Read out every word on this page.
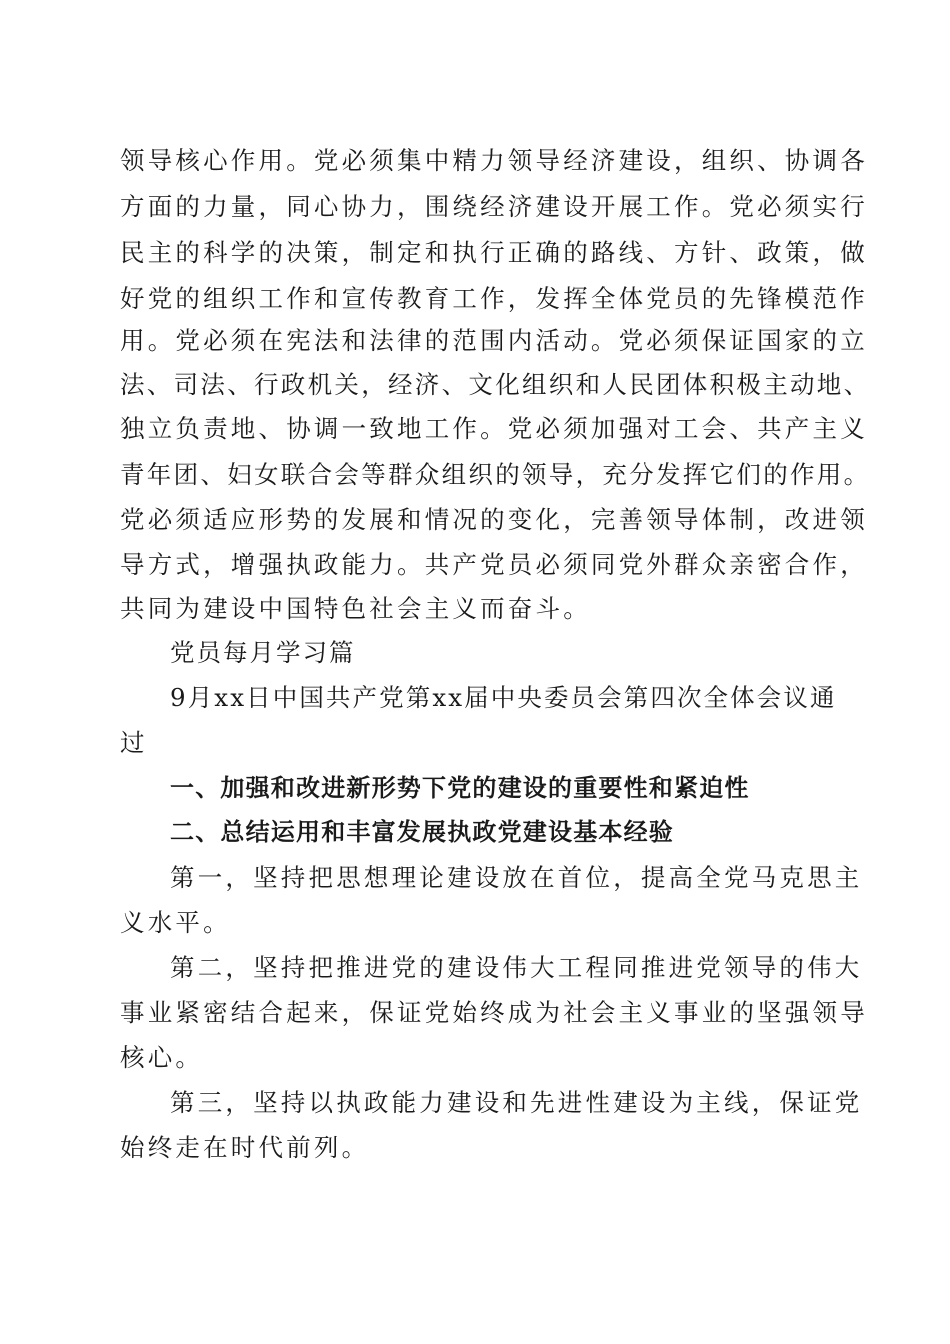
领导核心作用。党必须集中精力领导经济建设，组织、协调各
方面的力量，同心协力，围绕经济建设开展工作。党必须实行
民主的科学的决策，制定和执行正确的路线、方针、政策，做
好党的组织工作和宣传教育工作，发挥全体党员的先锋模范作
用。党必须在宪法和法律的范围内活动。党必须保证国家的立
法、司法、行政机关，经济、文化组织和人民团体积极主动地、
独立负责地、协调一致地工作。党必须加强对工会、共产主义
青年团、妇女联合会等群众组织的领导，充分发挥它们的作用。
党必须适应形势的发展和情况的变化，完善领导体制，改进领
导方式，增强执政能力。共产党员必须同党外群众亲密合作，
共同为建设中国特色社会主义而奋斗。
党员每月学习篇
9月xx日中国共产党第xx届中央委员会第四次全体会议通
过
一、加强和改进新形势下党的建设的重要性和紧迫性
二、总结运用和丰富发展执政党建设基本经验
第一，坚持把思想理论建设放在首位，提高全党马克思主
义水平。
第二，坚持把推进党的建设伟大工程同推进党领导的伟大
事业紧密结合起来，保证党始终成为社会主义事业的坚强领导
核心。
第三，坚持以执政能力建设和先进性建设为主线，保证党
始终走在时代前列。
